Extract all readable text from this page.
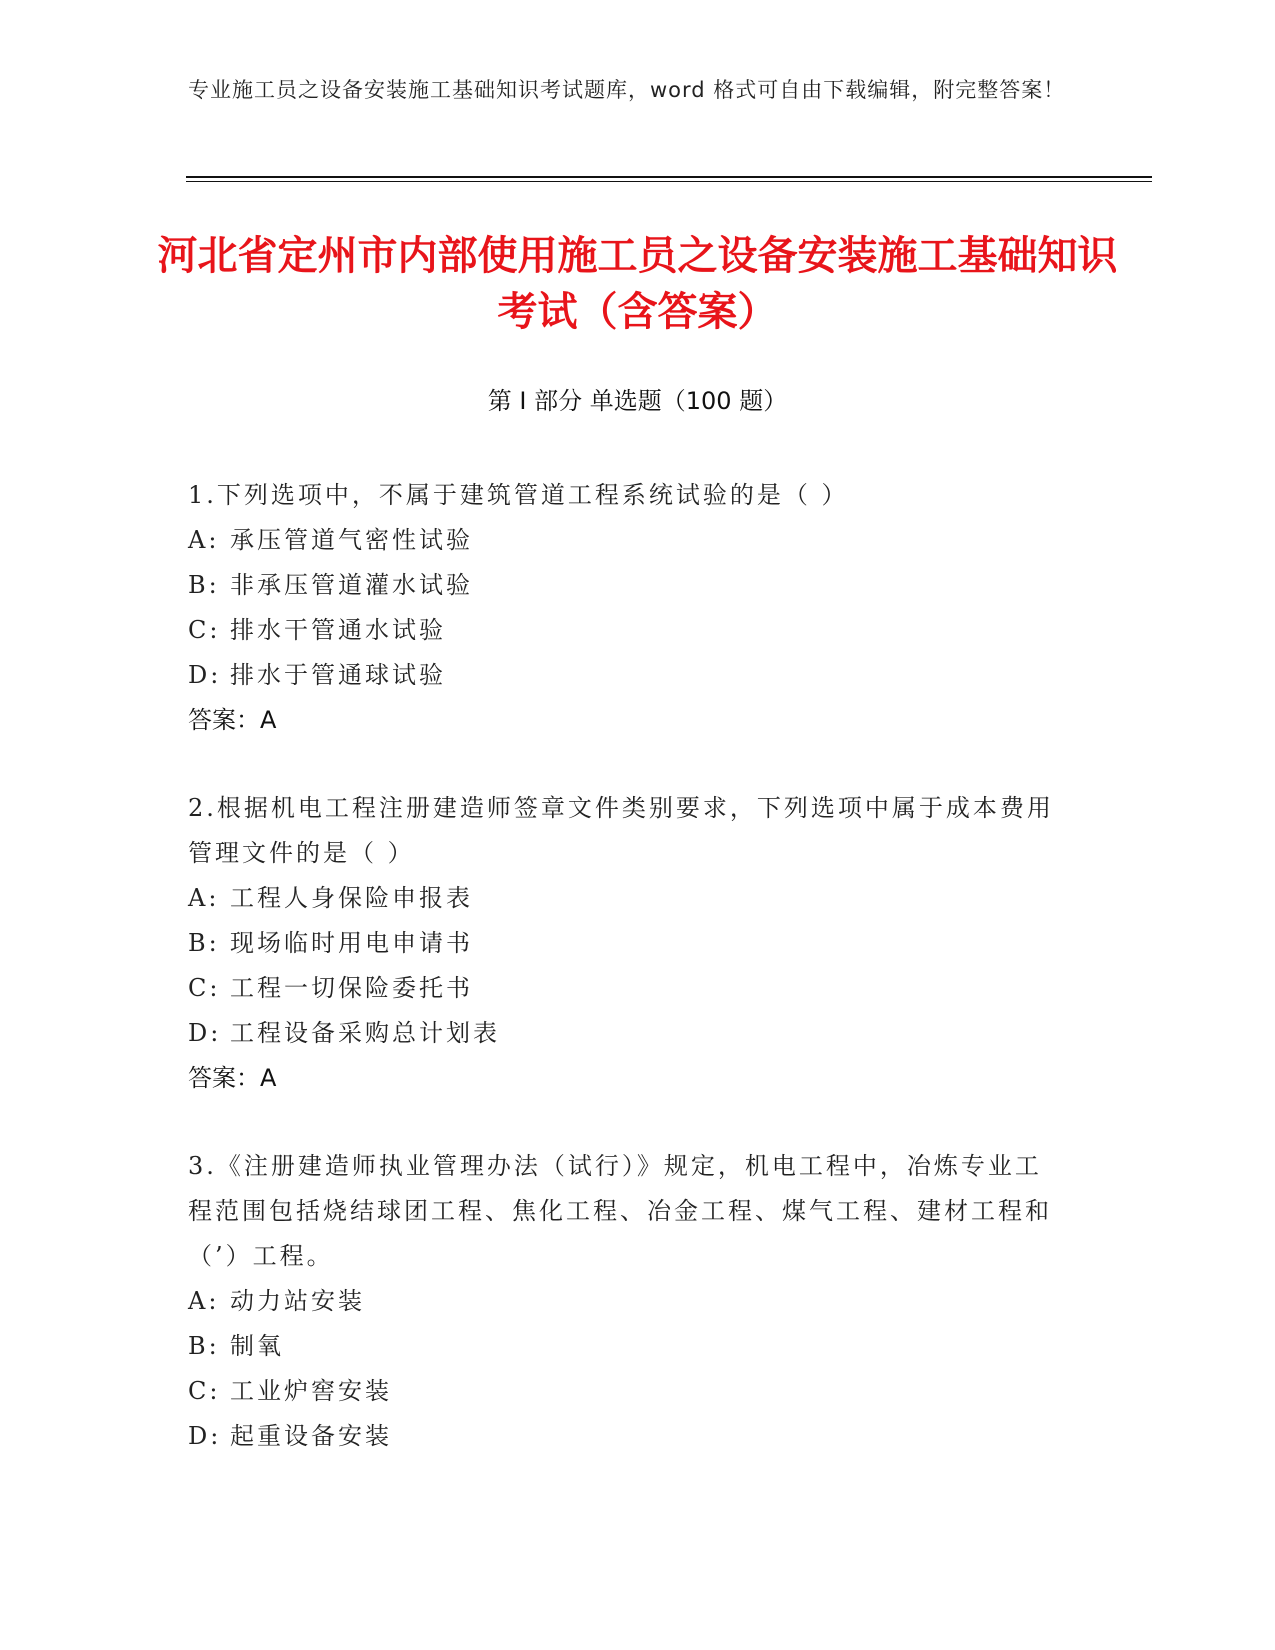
专业施工员之设备安装施工基础知识考试题库，word 格式可自由下载编辑，附完整答案！
河北省定州市内部使用施工员之设备安装施工基础知识考试（含答案）
第 I 部分 单选题（100 题）

1.下列选项中，不属于建筑管道工程系统试验的是（ ）

A: 承压管道气密性试验

B: 非承压管道灌水试验

C: 排水干管通水试验

D: 排水于管通球试验

答案：A

2.根据机电工程注册建造师签章文件类别要求，下列选项中属于成本费用管理文件的是（ ）

A: 工程人身保险申报表

B: 现场临时用电申请书

C: 工程一切保险委托书

D: 工程设备采购总计划表

答案：A

3.《注册建造师执业管理办法（试行）》规定，机电工程中，冶炼专业工程范围包括烧结球团工程、焦化工程、冶金工程、煤气工程、建材工程和（’）工程。

A: 动力站安装

B: 制氧

C: 工业炉窖安装

D: 起重设备安装
